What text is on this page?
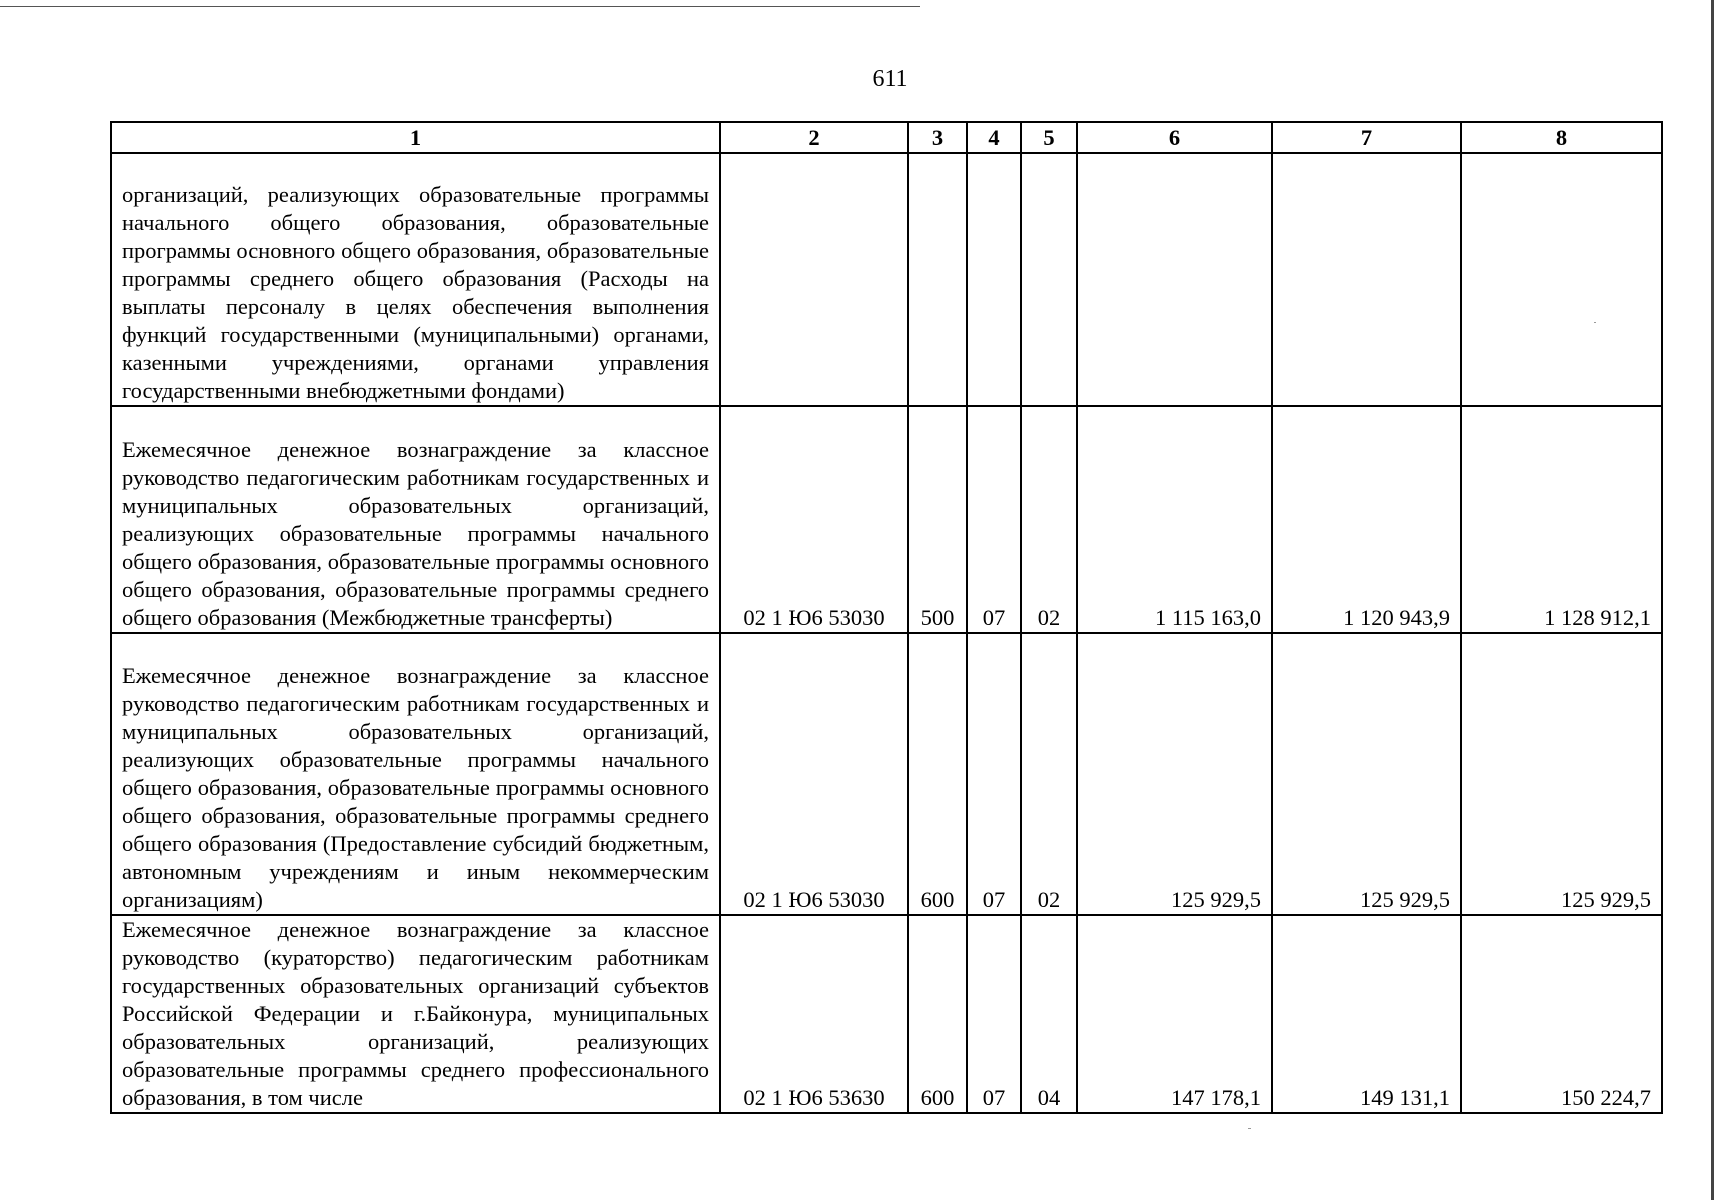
611
1	2	3	4	5	6	7	8
организаций, реализующих образовательные программы начального общего образования, образовательные программы основного общего образования, образовательные программы среднего общего образования (Расходы на выплаты персоналу в целях обеспечения выполнения функций государственными (муниципальными) органами, казенными учреждениями, органами управления государственными внебюджетными фондами)							
Ежемесячное денежное вознаграждение за классное руководство педагогическим работникам государственных и муниципальных образовательных организаций, реализующих образовательные программы начального общего образования, образовательные программы основного общего образования, образовательные программы среднего общего образования (Межбюджетные трансферты)	02 1 Ю6 53030	500	07	02	1 115 163,0	1 120 943,9	1 128 912,1
Ежемесячное денежное вознаграждение за классное руководство педагогическим работникам государственных и муниципальных образовательных организаций, реализующих образовательные программы начального общего образования, образовательные программы основного общего образования, образовательные программы среднего общего образования (Предоставление субсидий бюджетным, автономным учреждениям и иным некоммерческим организациям)	02 1 Ю6 53030	600	07	02	125 929,5	125 929,5	125 929,5
Ежемесячное денежное вознаграждение за классное руководство (кураторство) педагогическим работникам государственных образовательных организаций субъектов Российской Федерации и г.Байконура, муниципальных образовательных организаций, реализующих образовательные программы среднего профессионального образования, в том числе	02 1 Ю6 53630	600	07	04	147 178,1	149 131,1	150 224,7
